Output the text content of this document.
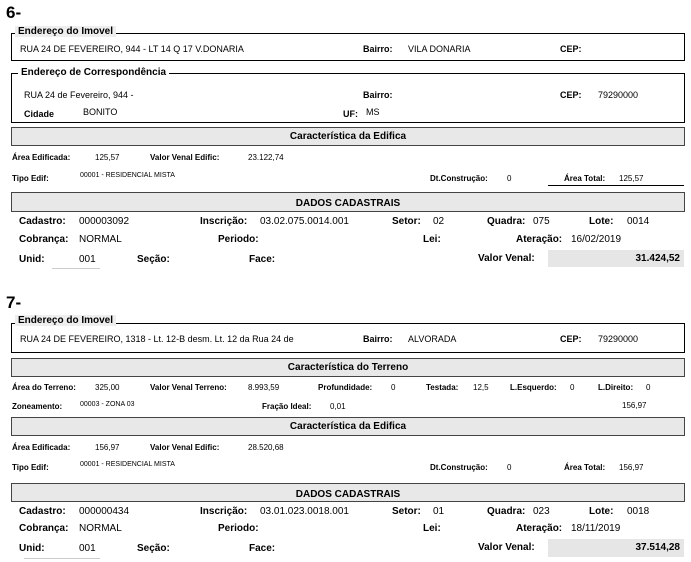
6-
Endereço do Imovel
RUA 24 DE FEVEREIRO, 944 - LT 14 Q 17 V.DONARIA	Bairro: VILA DONARIA	CEP:
Endereço de Correspondência
RUA 24 de Fevereiro, 944 -	Bairro:	CEP: 79290000
Cidade	BONITO	UF: MS
Característica da Edifica
Área Edificada:	125,57	Valor Venal Edific:	23.122,74
Tipo Edif:	00001 - RESIDENCIAL MISTA	Dt.Construção: 0	Área Total: 125,57
DADOS CADASTRAIS
Cadastro: 000003092	Inscrição: 03.02.075.0014.001	Setor: 02	Quadra: 075	Lote: 0014
Cobrança: NORMAL	Periodo:	Lei:	Ateração: 16/02/2019
Unid:	001	Seção:	Face:	Valor Venal:	31.424,52
7-
Endereço do Imovel
RUA 24 DE FEVEREIRO, 1318 - Lt. 12-B desm. Lt. 12 da Rua 24 de	Bairro: ALVORADA	CEP: 79290000
Característica do Terreno
Área do Terreno: 325,00	Valor Venal Terreno:	8.993,59	Profundidade: 0	Testada: 12,5	L.Esquerdo: 0	L.Direito: 0
Zoneamento:	00003 - ZONA 03	Fração Ideal: 0,01	156,97
Característica da Edifica
Área Edificada:	156,97	Valor Venal Edific:	28.520,68
Tipo Edif:	00001 - RESIDENCIAL MISTA	Dt.Construção: 0	Área Total: 156,97
DADOS CADASTRAIS
Cadastro: 000000434	Inscrição: 03.01.023.0018.001	Setor: 01	Quadra: 023	Lote: 0018
Cobrança: NORMAL	Periodo:	Lei:	Ateração: 18/11/2019
Unid:	001	Seção:	Face:	Valor Venal:	37.514,28
